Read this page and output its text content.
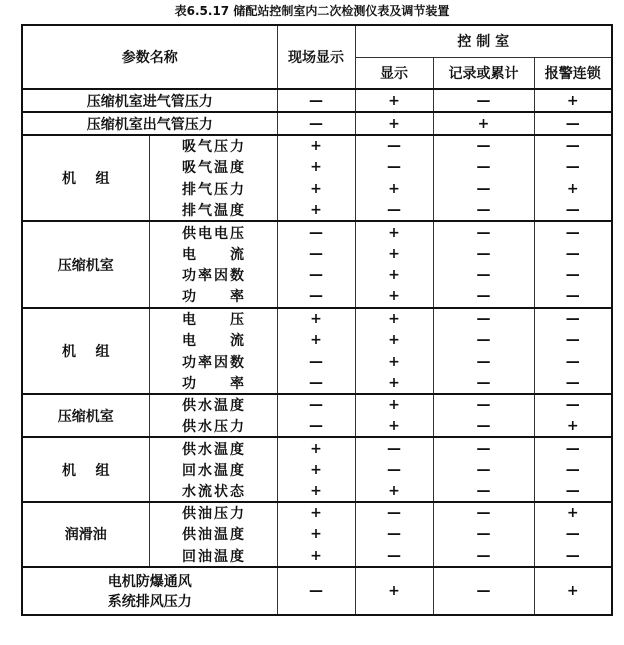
表6.5.17 储配站控制室内二次检测仪表及调节装置
参数名称		现场显示	控 制 室		
			显示	记录或累计	报警连锁
压缩机室进气管压力		—	+	—	+
压缩机室出气管压力		—	+	+	—
机    组	吸气压力	+	—	—	—
	吸气温度	+	—	—	—
	排气压力	+	+	—	+
	排气温度	+	—	—	—
压缩机室	供电电压	—	+	—	—
	电流	—	+	—	—
	功率因数	—	+	—	—
	功率	—	+	—	—
机    组	电压	+	+	—	—
	电流	+	+	—	—
	功率因数	—	+	—	—
	功率	—	+	—	—
压缩机室	供水温度	—	+	—	—
	供水压力	—	+	—	+
机    组	供水温度	+	—	—	—
	回水温度	+	—	—	—
	水流状态	+	+	—	—
润滑油	供油压力	+	—	—	+
	供油温度	+	—	—	—
	回油温度	+	—	—	—

电机防爆通风
系统排风压力		—	+	—	+
